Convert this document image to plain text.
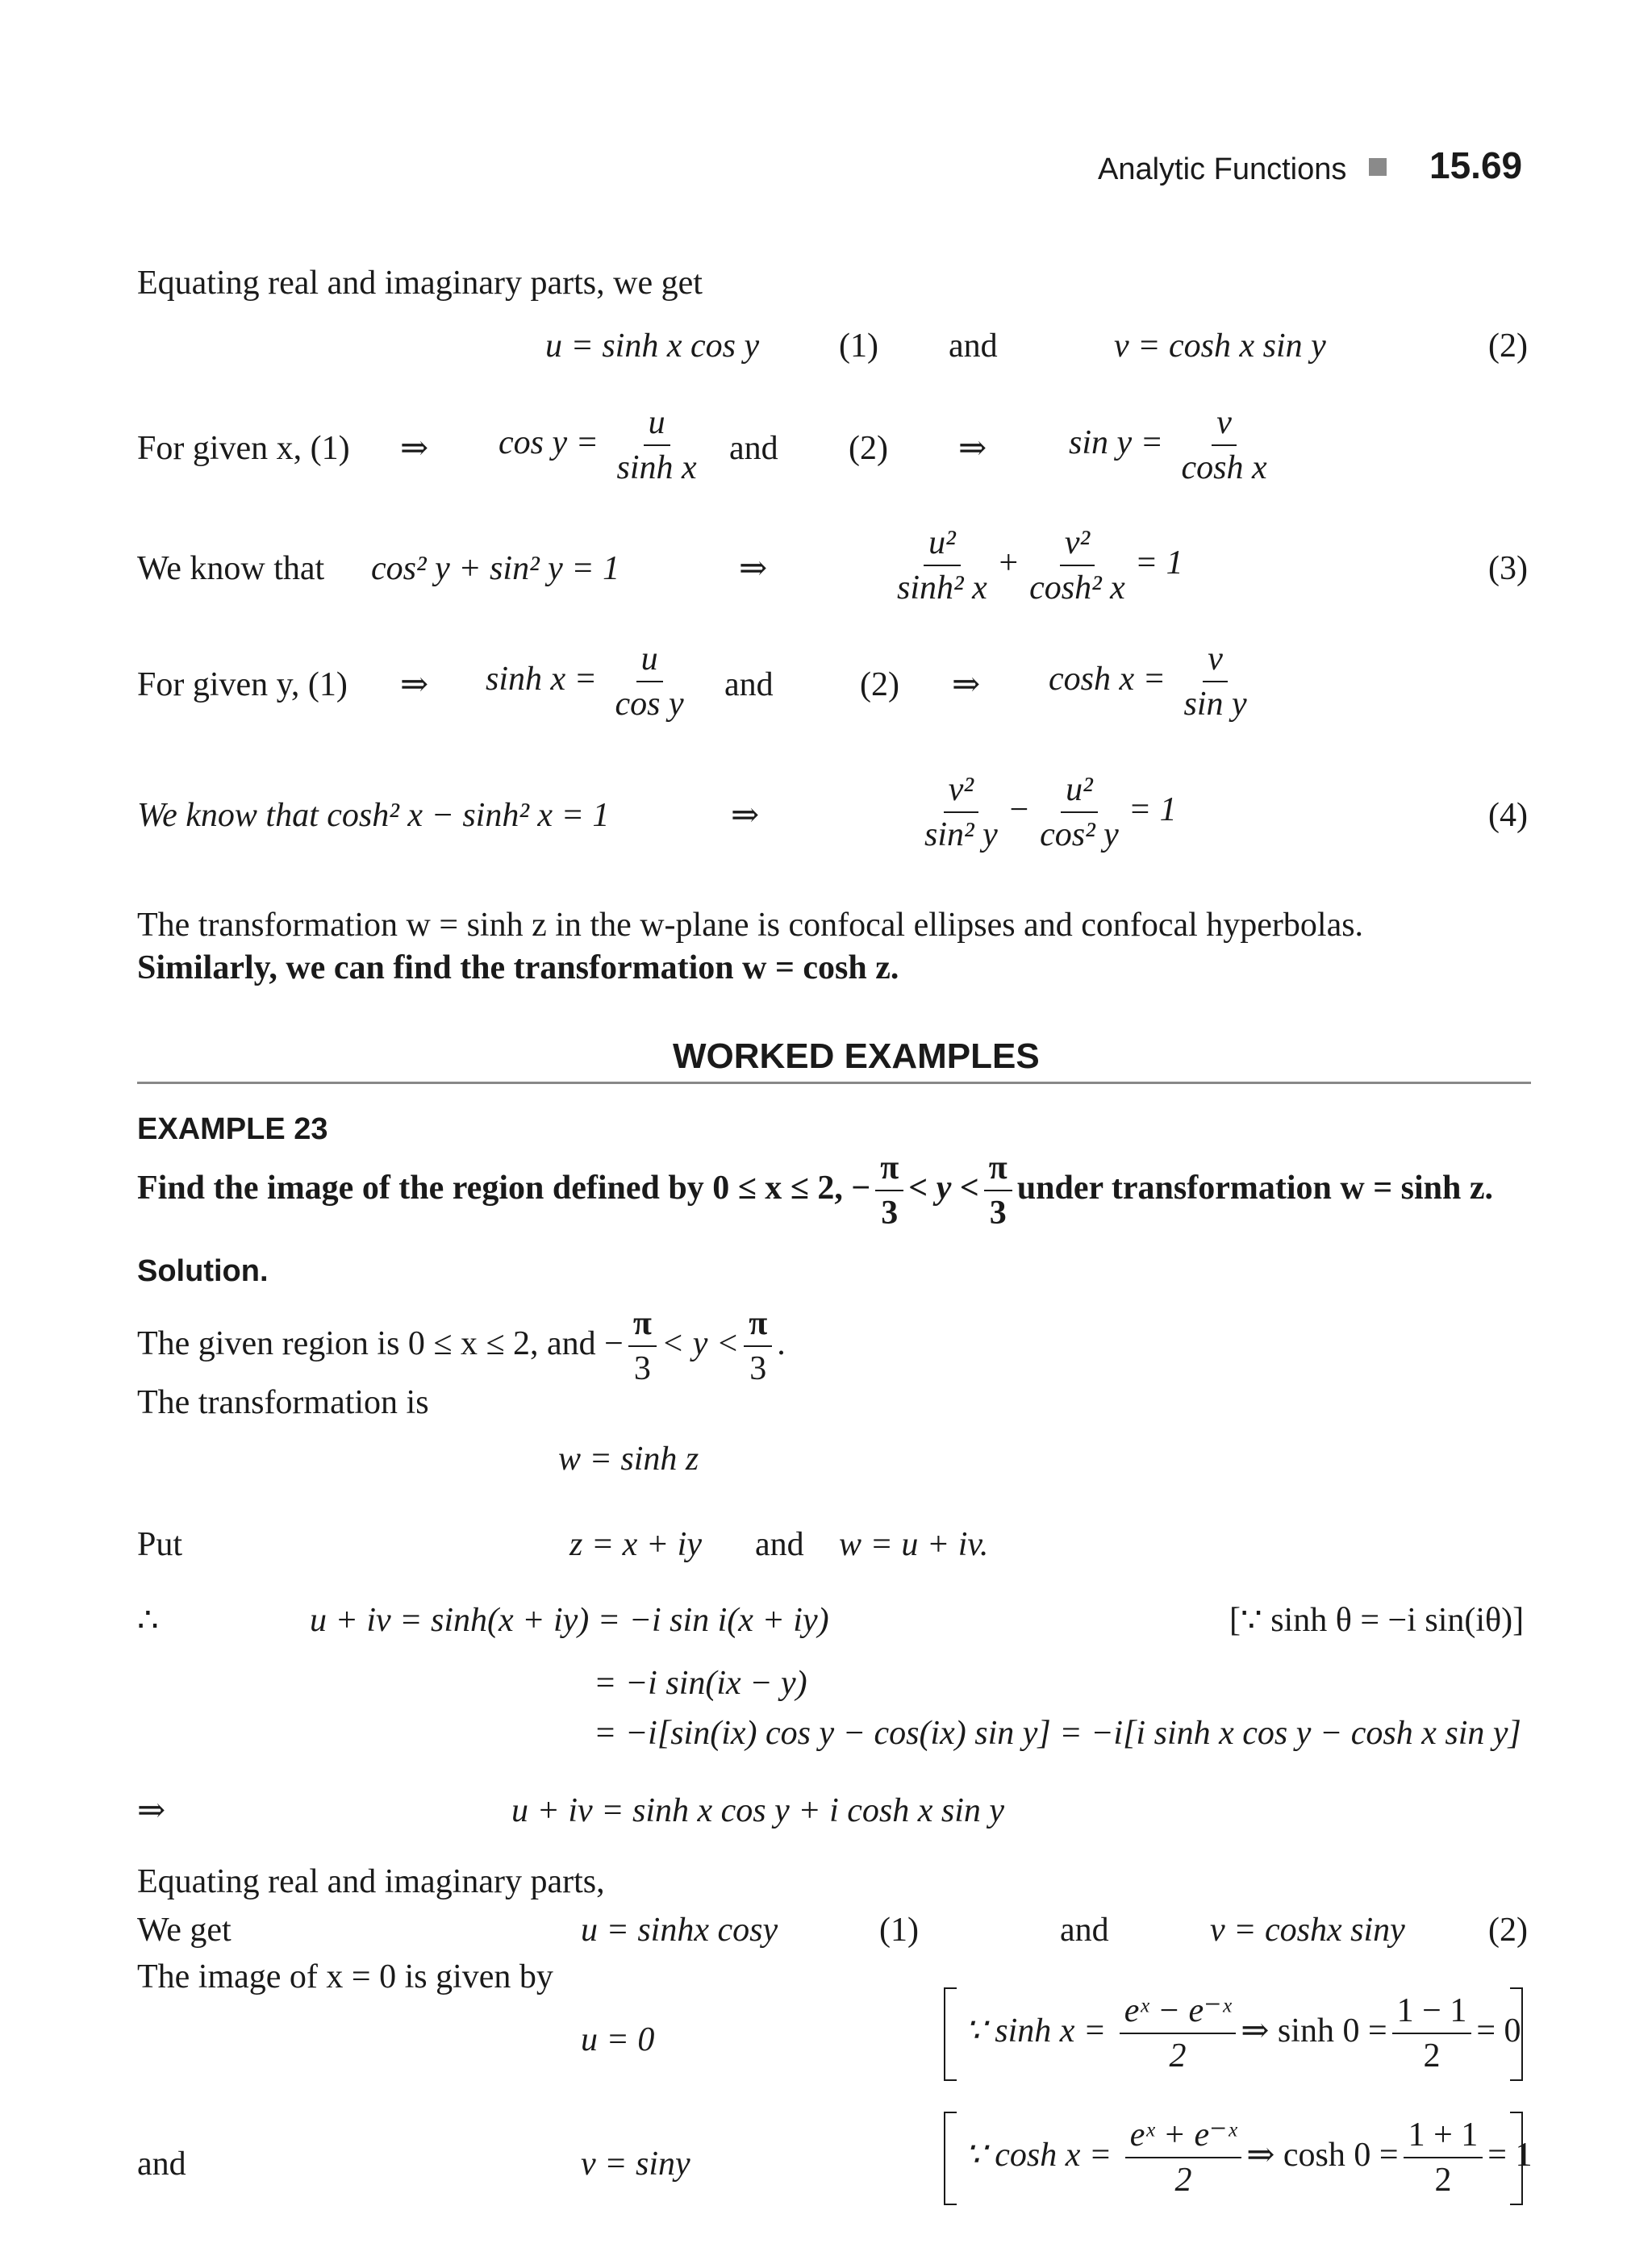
Analytic Functions 15.69
Equating real and imaginary parts, we get
u = sinh x cos y (1) and	v = cosh x sin y	(2)
For given x, (1) ⇒ $\cos y = \frac{u}{\text{sinh x}}$ and (2) ⇒ $\sin y = \frac{v}{\text{cosh x}}$
We know that cos² y + sin² y = 1	⇒	$\frac{\text{u²}}{\text{sinh² x}} + \frac{\text{v²}}{\text{cosh² x}} = 1$	(3)
For given y, (1) ⇒ $\sinh x = \frac{u}{\text{cos y}}$ and	(2) ⇒ $\cosh x = \frac{v}{\text{sin y}}$
We know that cosh² x − sinh² x = 1	⇒	$\frac{\text{v²}}{\text{sin² y}} - \frac{\text{u²}}{\text{cos² y}} = 1$	(4)
The transformation w = sinh z in the w-plane is confocal ellipses and confocal hyperbolas.
Similarly, we can find the transformation w = cosh z.
WORKED EXAMPLES
EXAMPLE 23
Find the image of the region defined by 0 ≤ x ≤ 2, − $\frac{\pi}{3} < y < \frac{\pi}{3}$ under transformation w = sinh z.
Solution.
The given region is 0 ≤ x ≤ 2, and − $\frac{\pi}{3} < y < \frac{\pi}{3}$ .
The transformation is
w = sinh z
Put	z = x + iy and w = u + iv.
∴	u + iv = sinh(x + iy) = −i sin i(x + iy)	[∵ sinh θ = −i sin(iθ)]
= −i sin(ix − y)
= −i[sin(ix) cos y − cos(ix) sin y] = −i[i sinh x cos y − cosh x sin y]
⇒	u + iv = sinh x cos y + i cosh x sin y
Equating real and imaginary parts,
We get	u = sinhx cosy	(1)	and	v = coshx siny (2)
The image of x = 0 is given by
u = 0	∵ $\sinh x = \frac{\text{eˣ − e⁻ˣ}}{2}$ ⇒ $\sinh 0 = \frac{1 - 1}{2} = 0$
and	v = siny	∵ $\cosh x = \frac{\text{eˣ + e⁻ˣ}}{2}$ ⇒ $\cosh 0 = \frac{1 + 1}{2} = 1$
